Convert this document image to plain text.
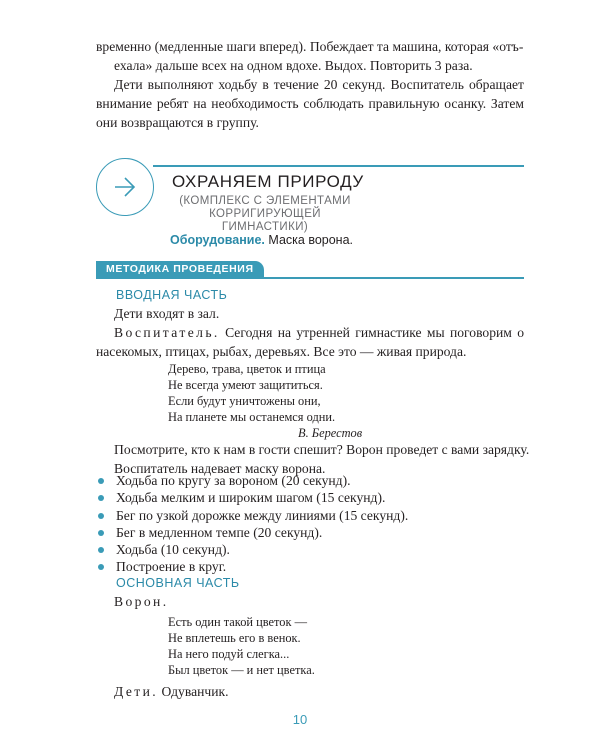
временно (медленные шаги вперед). Побеждает та машина, которая «отъ-

ехала» дальше всех на одном вдохе. Выдох. Повторить 3 раза.

Дети выполняют ходьбу в течение 20 секунд. Воспитатель обращает внимание ребят на необходимость соблюдать правильную осанку. Затем они возвращаются в группу.

ОХРАНЯЕМ ПРИРОДУ
(КОМПЛЕКС С ЭЛЕМЕНТАМИ
КОРРИГИРУЮЩЕЙ ГИМНАСТИКИ)
Оборудование. Маска ворона.
МЕТОДИКА ПРОВЕДЕНИЯ
ВВОДНАЯ ЧАСТЬ

Дети входят в зал.

Воспитатель. Сегодня на утренней гимнастике мы поговорим о насекомых, птицах, рыбах, деревьях. Все это — живая природа.

Дерево, трава, цветок и птица

Не всегда умеют защититься.

Если будут уничтожены они,

На планете мы останемся одни.

В. Берестов

Посмотрите, кто к нам в гости спешит? Ворон проведет с вами зарядку.

Воспитатель надевает маску ворона.

Ходьба по кругу за вороном (20 секунд).
Ходьба мелким и широким шагом (15 секунд).
Бег по узкой дорожке между линиями (15 секунд).
Бег в медленном темпе (20 секунд).
Ходьба (10 секунд).
Построение в круг.
ОСНОВНАЯ ЧАСТЬ

Ворон.

Есть один такой цветок —

Не вплетешь его в венок.

На него подуй слегка...

Был цветок — и нет цветка.

Дети. Одуванчик.

10
